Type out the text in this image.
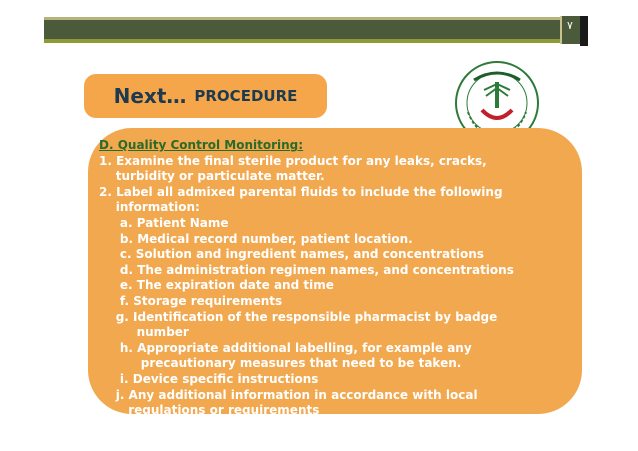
٧
Next… PROCEDURE
D. Quality Control Monitoring:
1. Examine the final sterile product for any leaks, cracks,
turbidity or particulate matter.
2. Label all admixed parental fluids to include the following
information:
a. Patient Name
b. Medical record number, patient location.
c. Solution and ingredient names, and concentrations
d. The administration regimen names, and concentrations
e. The expiration date and time
f. Storage requirements
g. Identification of the responsible pharmacist by badge
number
h. Appropriate additional labelling, for example any
precautionary measures that need to be taken.
i. Device specific instructions
j. Any additional information in accordance with local
regulations or requirements
